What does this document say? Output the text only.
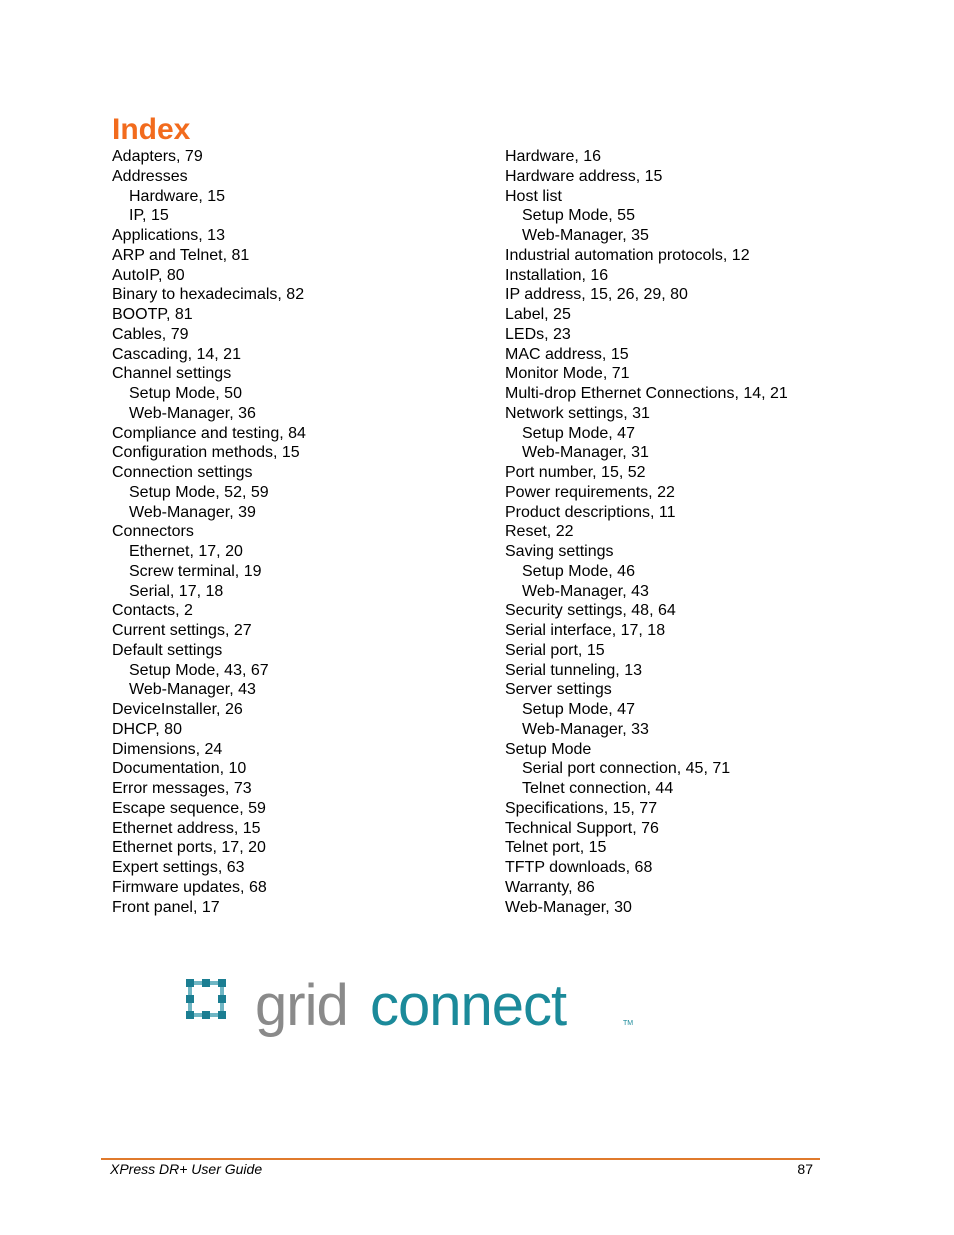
Index
Adapters, 79
Addresses
Hardware, 15
IP, 15
Applications, 13
ARP and Telnet, 81
AutoIP, 80
Binary to hexadecimals, 82
BOOTP, 81
Cables, 79
Cascading, 14, 21
Channel settings
Setup Mode, 50
Web-Manager, 36
Compliance and testing, 84
Configuration methods, 15
Connection settings
Setup Mode, 52, 59
Web-Manager, 39
Connectors
Ethernet, 17, 20
Screw terminal, 19
Serial, 17, 18
Contacts, 2
Current settings, 27
Default settings
Setup Mode, 43, 67
Web-Manager, 43
DeviceInstaller, 26
DHCP, 80
Dimensions, 24
Documentation, 10
Error messages, 73
Escape sequence, 59
Ethernet address, 15
Ethernet ports, 17, 20
Expert settings, 63
Firmware updates, 68
Front panel, 17
Hardware, 16
Hardware address, 15
Host list
Setup Mode, 55
Web-Manager, 35
Industrial automation protocols, 12
Installation, 16
IP address, 15, 26, 29, 80
Label, 25
LEDs, 23
MAC address, 15
Monitor Mode, 71
Multi-drop Ethernet Connections, 14, 21
Network settings, 31
Setup Mode, 47
Web-Manager, 31
Port number, 15, 52
Power requirements, 22
Product descriptions, 11
Reset, 22
Saving settings
Setup Mode, 46
Web-Manager, 43
Security settings, 48, 64
Serial interface, 17, 18
Serial port, 15
Serial tunneling, 13
Server settings
Setup Mode, 47
Web-Manager, 33
Setup Mode
Serial port connection, 45, 71
Telnet connection, 44
Specifications, 15, 77
Technical Support, 76
Telnet port, 15
TFTP downloads, 68
Warranty, 86
Web-Manager, 30
grid connect	TM
XPress DR+ User Guide	87
